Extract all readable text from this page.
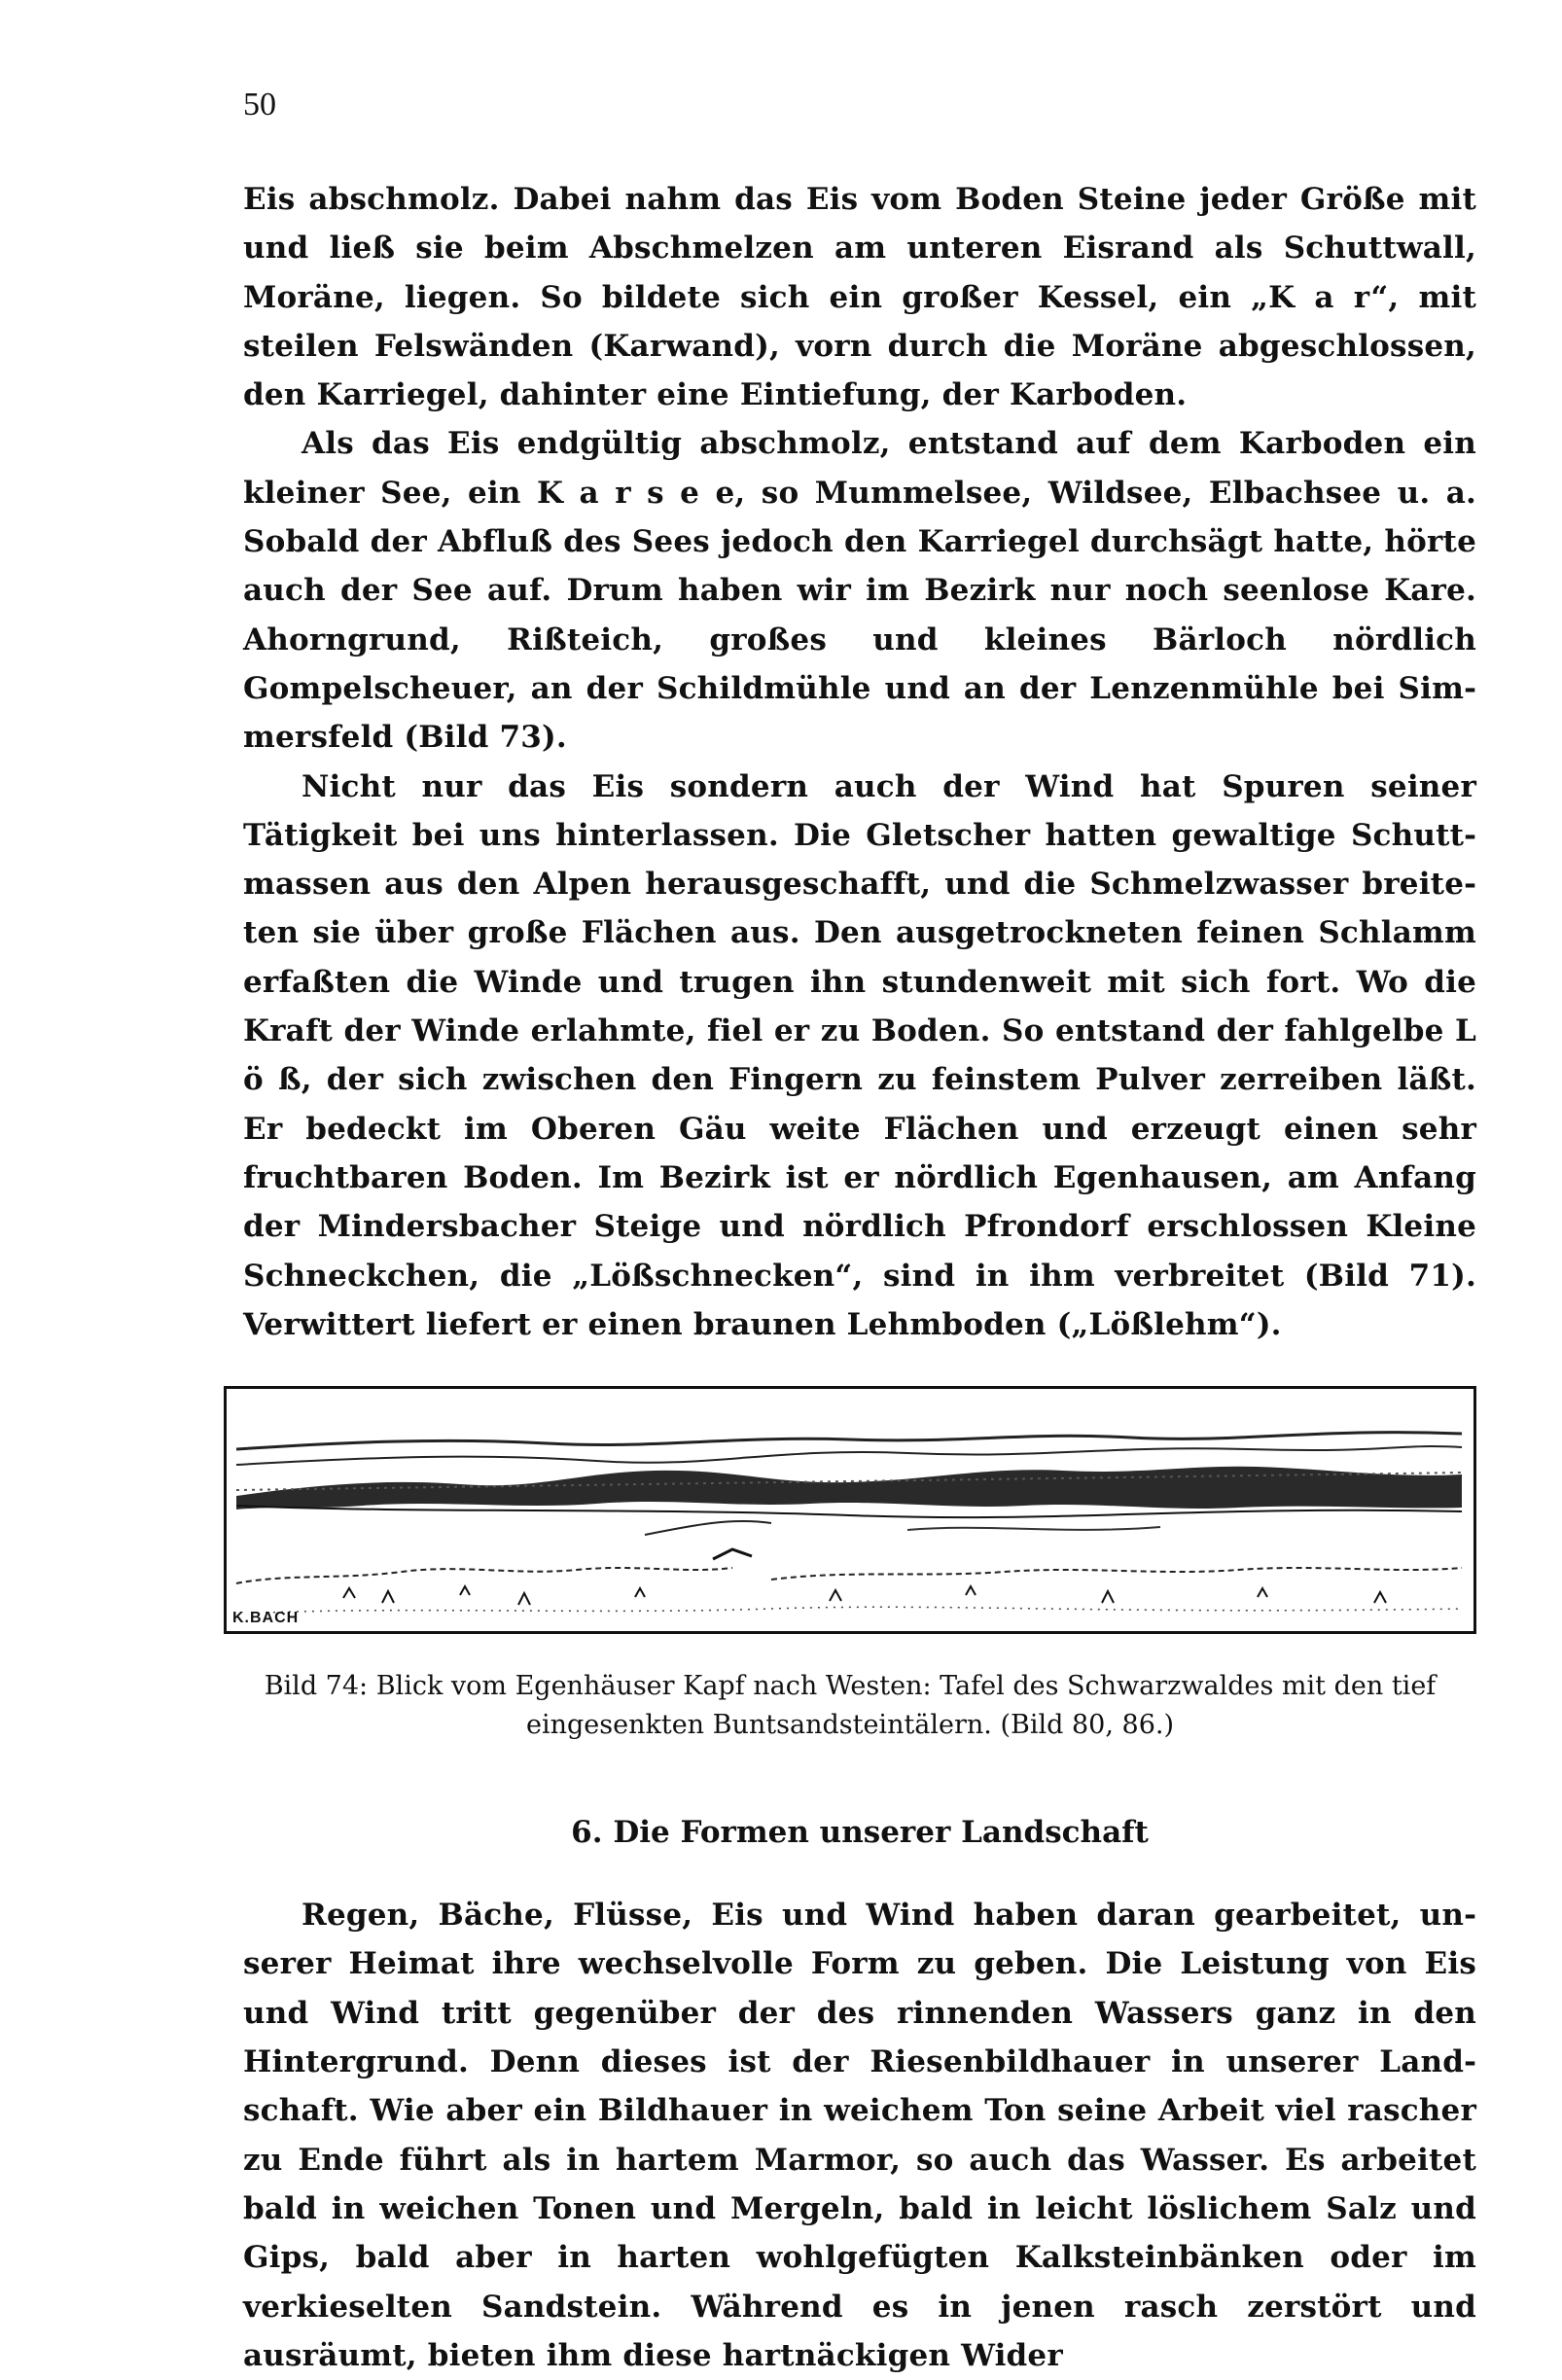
50

Eis abschmolz. Dabei nahm das Eis vom Boden Steine jeder Größe mit und ließ sie beim Abschmelzen am unteren Eisrand als Schuttwall, Moräne, liegen. So bildete sich ein großer Kessel, ein „K a r“, mit steilen Felswänden (Karwand), vorn durch die Moräne abgeschlossen, den Karriegel, dahinter eine Eintiefung, der Karboden.

Als das Eis endgültig abschmolz, entstand auf dem Karboden ein kleiner See, ein K a r s e e, so Mummelsee, Wildsee, Elbachsee u. a. Sobald der Abfluß des Sees jedoch den Karriegel durchsägt hatte, hörte auch der See auf. Drum haben wir im Bezirk nur noch seenlose Kare. Ahorngrund, Rißteich, großes und kleines Bärloch nördlich Gompelscheuer, an der Schildmühle und an der Lenzenmühle bei Simmersfeld (Bild 73).

Nicht nur das Eis sondern auch der Wind hat Spuren seiner Tätigkeit bei uns hinterlassen. Die Gletscher hatten gewaltige Schuttmassen aus den Alpen herausgeschafft, und die Schmelzwasser breiteten sie über große Flächen aus. Den ausgetrockneten feinen Schlamm erfaßten die Winde und trugen ihn stundenweit mit sich fort. Wo die Kraft der Winde erlahmte, fiel er zu Boden. So entstand der fahlgelbe L ö ß, der sich zwischen den Fingern zu feinstem Pulver zerreiben läßt. Er bedeckt im Oberen Gäu weite Flächen und erzeugt einen sehr fruchtbaren Boden. Im Bezirk ist er nördlich Egenhausen, am Anfang der Mindersbacher Steige und nördlich Pfrondorf erschlossen Kleine Schneckchen, die „Lößschnecken“, sind in ihm verbreitet (Bild 71). Verwittert liefert er einen braunen Lehmboden („Lößlehm“).

K.BACH

Bild 74: Blick vom Egenhäuser Kapf nach Westen: Tafel des Schwarzwaldes mit den tief eingesenkten Buntsandsteintälern. (Bild 80, 86.)

6. Die Formen unserer Landschaft

Regen, Bäche, Flüsse, Eis und Wind haben daran gearbeitet, unserer Heimat ihre wechselvolle Form zu geben. Die Leistung von Eis und Wind tritt gegenüber der des rinnenden Wassers ganz in den Hintergrund. Denn dieses ist der Riesenbildhauer in unserer Landschaft. Wie aber ein Bildhauer in weichem Ton seine Arbeit viel rascher zu Ende führt als in hartem Marmor, so auch das Wasser. Es arbeitet bald in weichen Tonen und Mergeln, bald in leicht löslichem Salz und Gips, bald aber in harten wohlgefügten Kalksteinbänken oder im verkieselten Sandstein. Während es in jenen rasch zerstört und ausräumt, bieten ihm diese hartnäckigen Wider
